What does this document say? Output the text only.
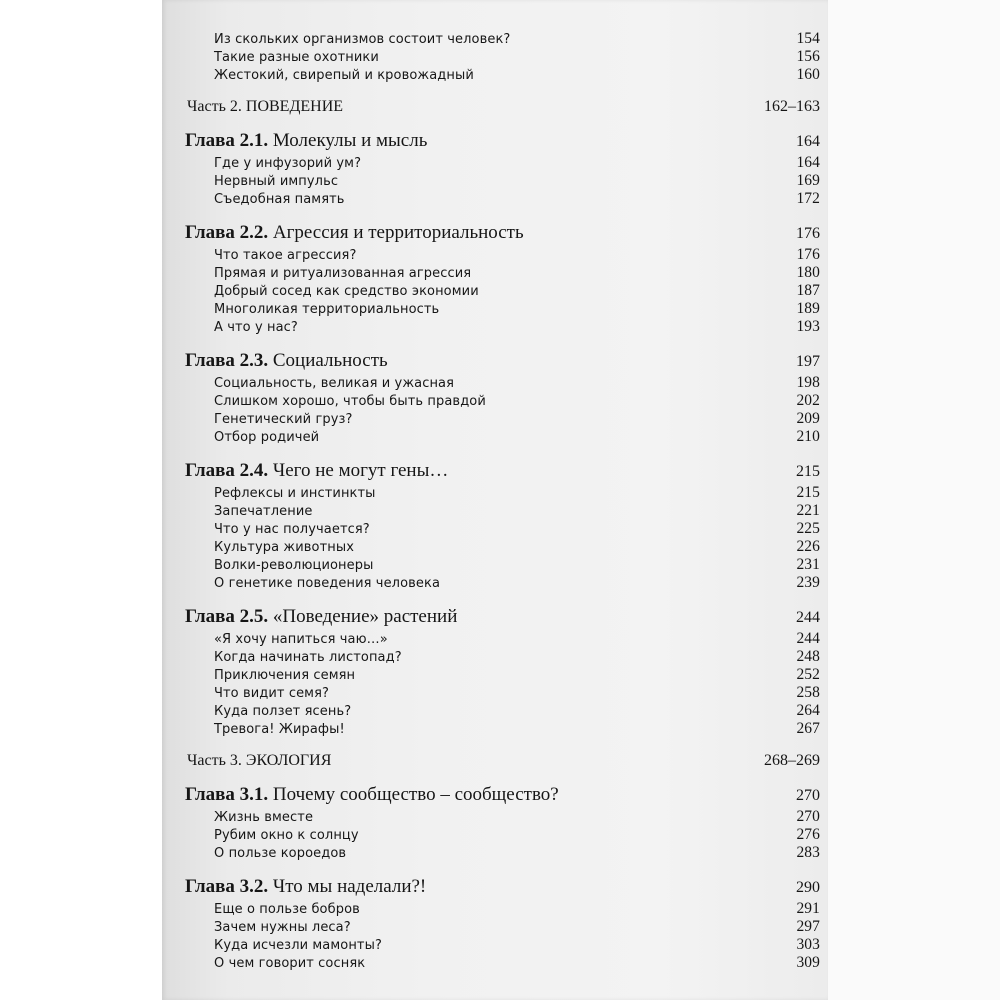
Из скольких организмов состоит человек?	154
Такие разные охотники	156
Жестокий, свирепый и кровожадный	160
Часть 2. ПОВЕДЕНИЕ	162–163
Глава 2.1. Молекулы и мысль	164
Где у инфузорий ум?	164
Нервный импульс	169
Съедобная память	172
Глава 2.2. Агрессия и территориальность	176
Что такое агрессия?	176
Прямая и ритуализованная агрессия	180
Добрый сосед как средство экономии	187
Многоликая территориальность	189
А что у нас?	193
Глава 2.3. Социальность	197
Социальность, великая и ужасная	198
Слишком хорошо, чтобы быть правдой	202
Генетический груз?	209
Отбор родичей	210
Глава 2.4. Чего не могут гены…	215
Рефлексы и инстинкты	215
Запечатление	221
Что у нас получается?	225
Культура животных	226
Волки-революционеры	231
О генетике поведения человека	239
Глава 2.5. «Поведение» растений	244
«Я хочу напиться чаю…»	244
Когда начинать листопад?	248
Приключения семян	252
Что видит семя?	258
Куда ползет ясень?	264
Тревога! Жирафы!	267
Часть 3. ЭКОЛОГИЯ	268–269
Глава 3.1. Почему сообщество – сообщество?	270
Жизнь вместе	270
Рубим окно к солнцу	276
О пользе короедов	283
Глава 3.2. Что мы наделали?!	290
Еще о пользе бобров	291
Зачем нужны леса?	297
Куда исчезли мамонты?	303
О чем говорит сосняк	309
